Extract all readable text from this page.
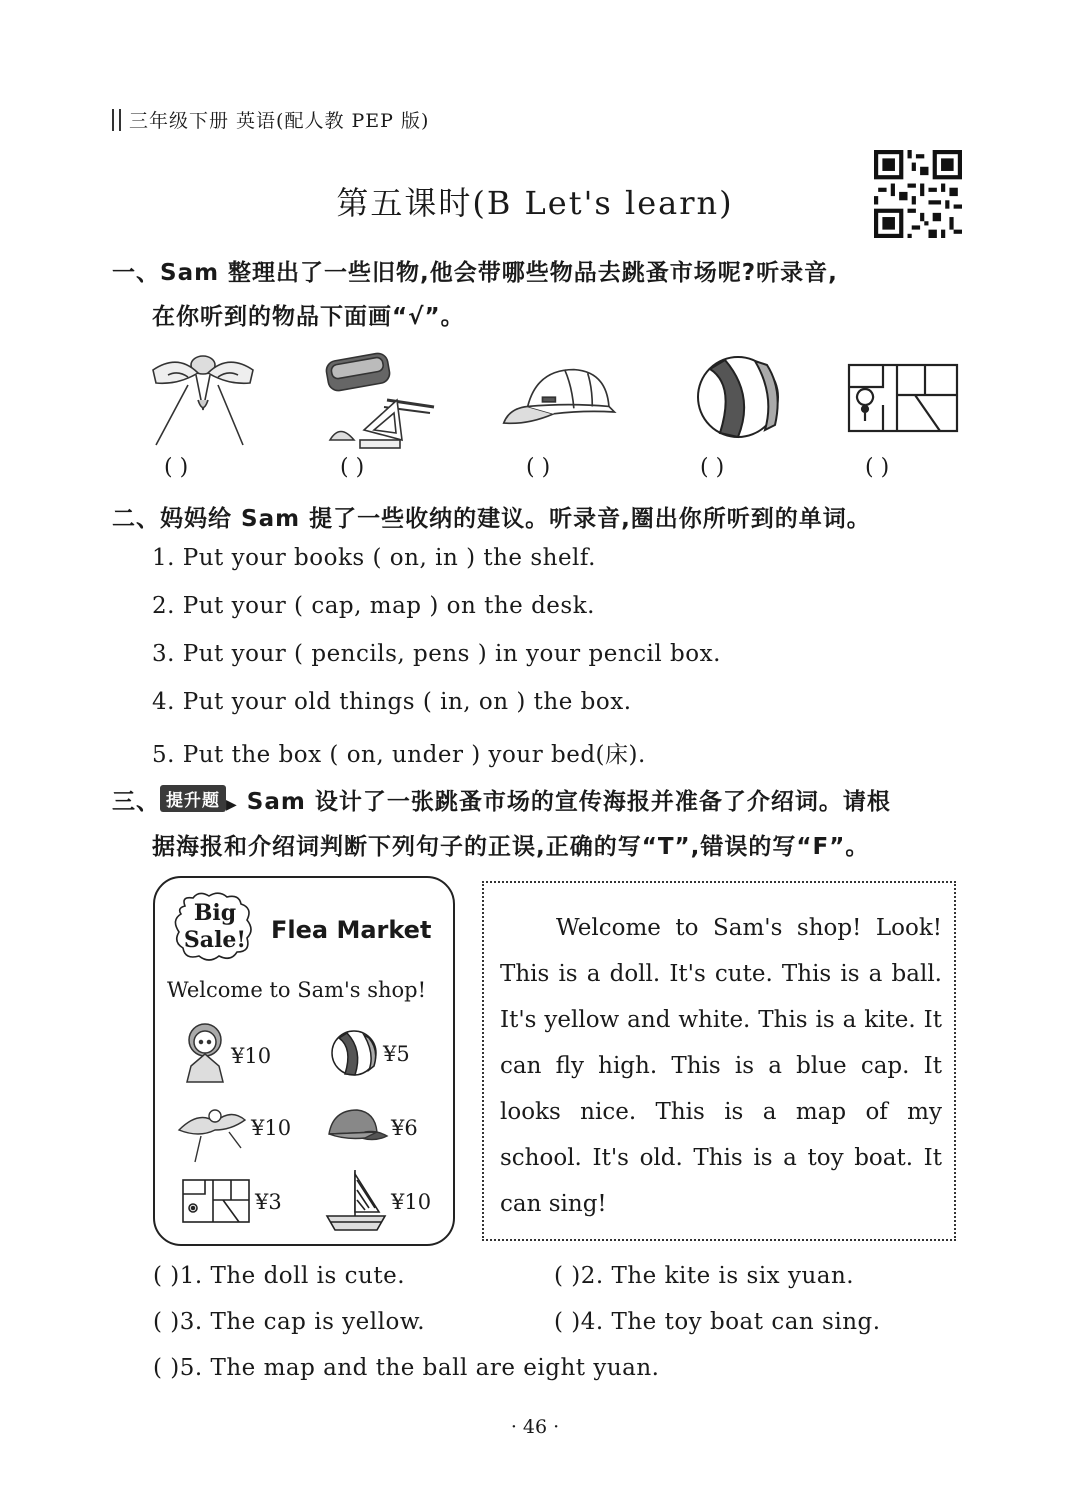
三年级下册 英语(配人教 PEP 版)
第五课时(B Let's learn)
一、Sam 整理出了一些旧物,他会带哪些物品去跳蚤市场呢?听录音,
在你听到的物品下面画“√”。
( )	( )	( )	( )	( )
二、妈妈给 Sam 提了一些收纳的建议。听录音,圈出你所听到的单词。
1. Put your books ( on, in ) the shelf.
2. Put your ( cap, map ) on the desk.
3. Put your ( pencils, pens ) in your pencil box.
4. Put your old things ( in, on ) the box.
5. Put the box ( on, under ) your bed(床).
三、 提升题 ▶ Sam 设计了一张跳蚤市场的宣传海报并准备了介绍词。请根
据海报和介绍词判断下列句子的正误,正确的写“T”,错误的写“F”。
Big
Sale! Flea Market
Welcome to Sam's shop!
¥10	¥5
¥10	¥6
¥3	¥10
Welcome to Sam's shop! Look! This is a doll. It's cute. This is a ball. It's yellow and white. This is a kite. It can fly high. This is a blue cap. It looks nice. This is a map of my school. It's old. This is a toy boat. It can sing!
( )1. The doll is cute.	( )2. The kite is six yuan.
( )3. The cap is yellow.	( )4. The toy boat can sing.
( )5. The map and the ball are eight yuan.
· 46 ·
